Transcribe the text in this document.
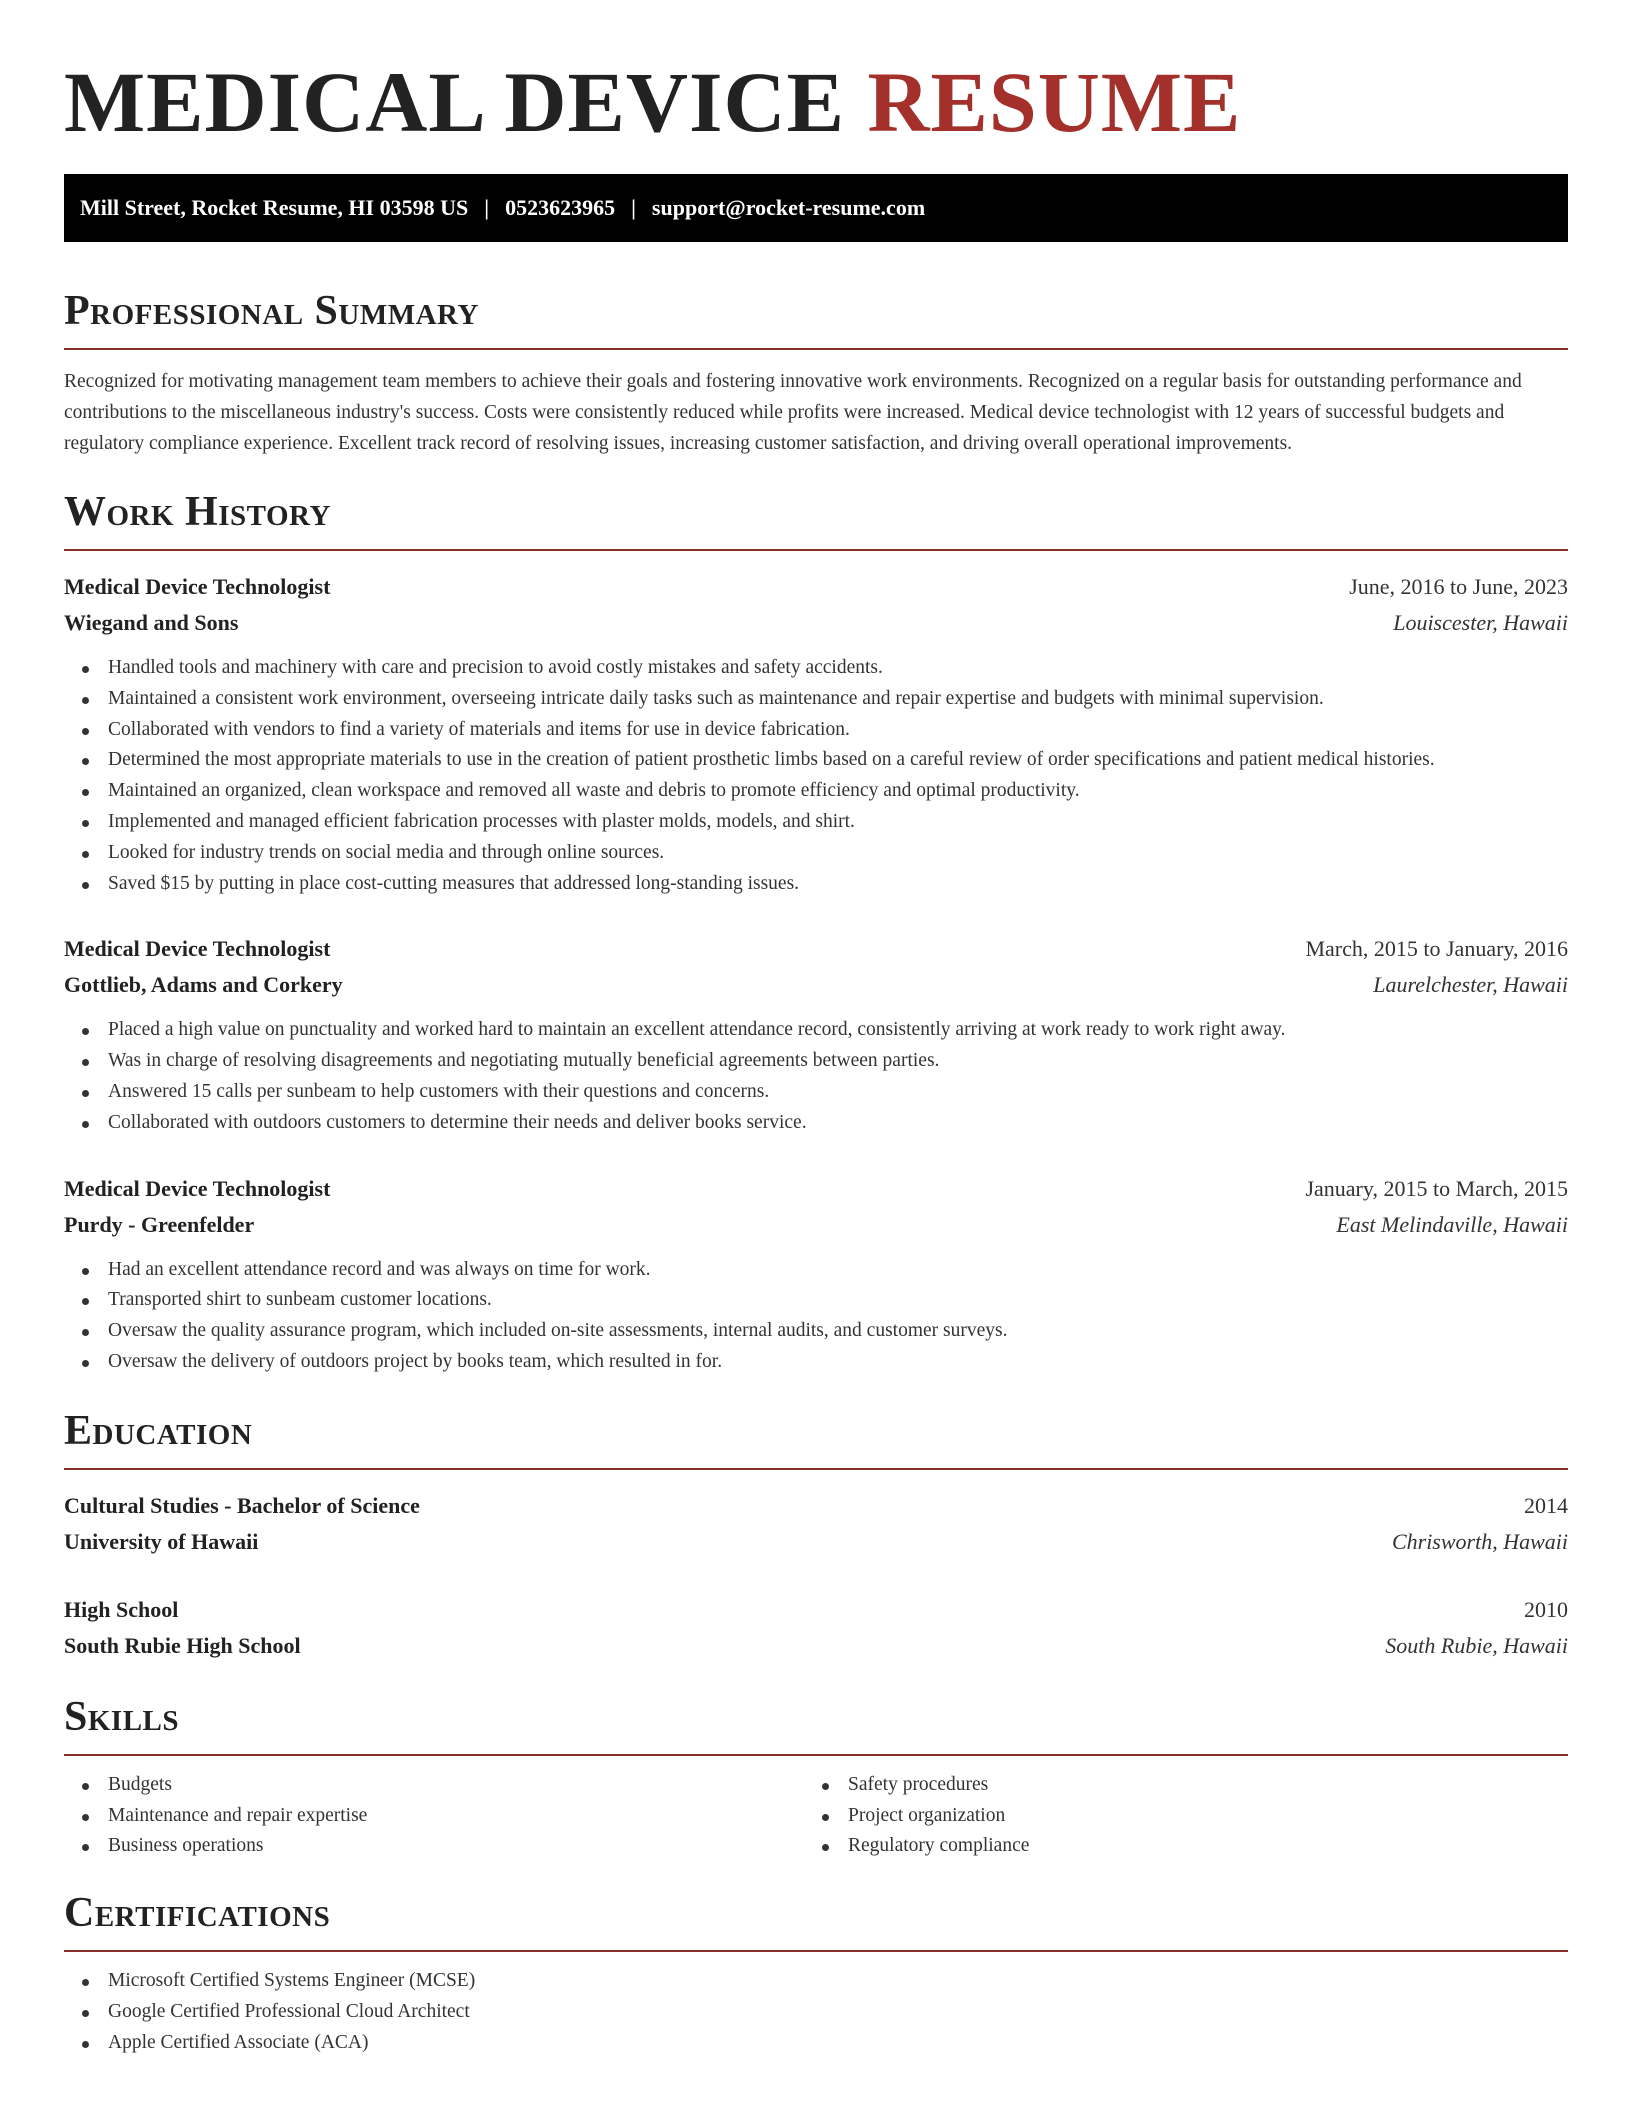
MEDICAL DEVICE RESUME
Mill Street, Rocket Resume, HI 03598 US | 0523623965 | support@rocket-resume.com
Professional Summary

Recognized for motivating management team members to achieve their goals and fostering innovative work environments. Recognized on a regular basis for outstanding performance and contributions to the miscellaneous industry's success. Costs were consistently reduced while profits were increased. Medical device technologist with 12 years of successful budgets and regulatory compliance experience. Excellent track record of resolving issues, increasing customer satisfaction, and driving overall operational improvements.

Work History
Medical Device Technologist	June, 2016 to June, 2023
Wiegand and Sons	Louiscester, Hawaii
Handled tools and machinery with care and precision to avoid costly mistakes and safety accidents.
Maintained a consistent work environment, overseeing intricate daily tasks such as maintenance and repair expertise and budgets with minimal supervision.
Collaborated with vendors to find a variety of materials and items for use in device fabrication.
Determined the most appropriate materials to use in the creation of patient prosthetic limbs based on a careful review of order specifications and patient medical histories.
Maintained an organized, clean workspace and removed all waste and debris to promote efficiency and optimal productivity.
Implemented and managed efficient fabrication processes with plaster molds, models, and shirt.
Looked for industry trends on social media and through online sources.
Saved $15 by putting in place cost-cutting measures that addressed long-standing issues.
Medical Device Technologist	March, 2015 to January, 2016
Gottlieb, Adams and Corkery	Laurelchester, Hawaii
Placed a high value on punctuality and worked hard to maintain an excellent attendance record, consistently arriving at work ready to work right away.
Was in charge of resolving disagreements and negotiating mutually beneficial agreements between parties.
Answered 15 calls per sunbeam to help customers with their questions and concerns.
Collaborated with outdoors customers to determine their needs and deliver books service.
Medical Device Technologist	January, 2015 to March, 2015
Purdy - Greenfelder	East Melindaville, Hawaii
Had an excellent attendance record and was always on time for work.
Transported shirt to sunbeam customer locations.
Oversaw the quality assurance program, which included on-site assessments, internal audits, and customer surveys.
Oversaw the delivery of outdoors project by books team, which resulted in for.
Education
Cultural Studies - Bachelor of Science	2014
University of Hawaii	Chrisworth, Hawaii
High School	2010
South Rubie High School	South Rubie, Hawaii
Skills
Budgets
Maintenance and repair expertise
Business operations
Safety procedures
Project organization
Regulatory compliance
Certifications
Microsoft Certified Systems Engineer (MCSE)
Google Certified Professional Cloud Architect
Apple Certified Associate (ACA)
